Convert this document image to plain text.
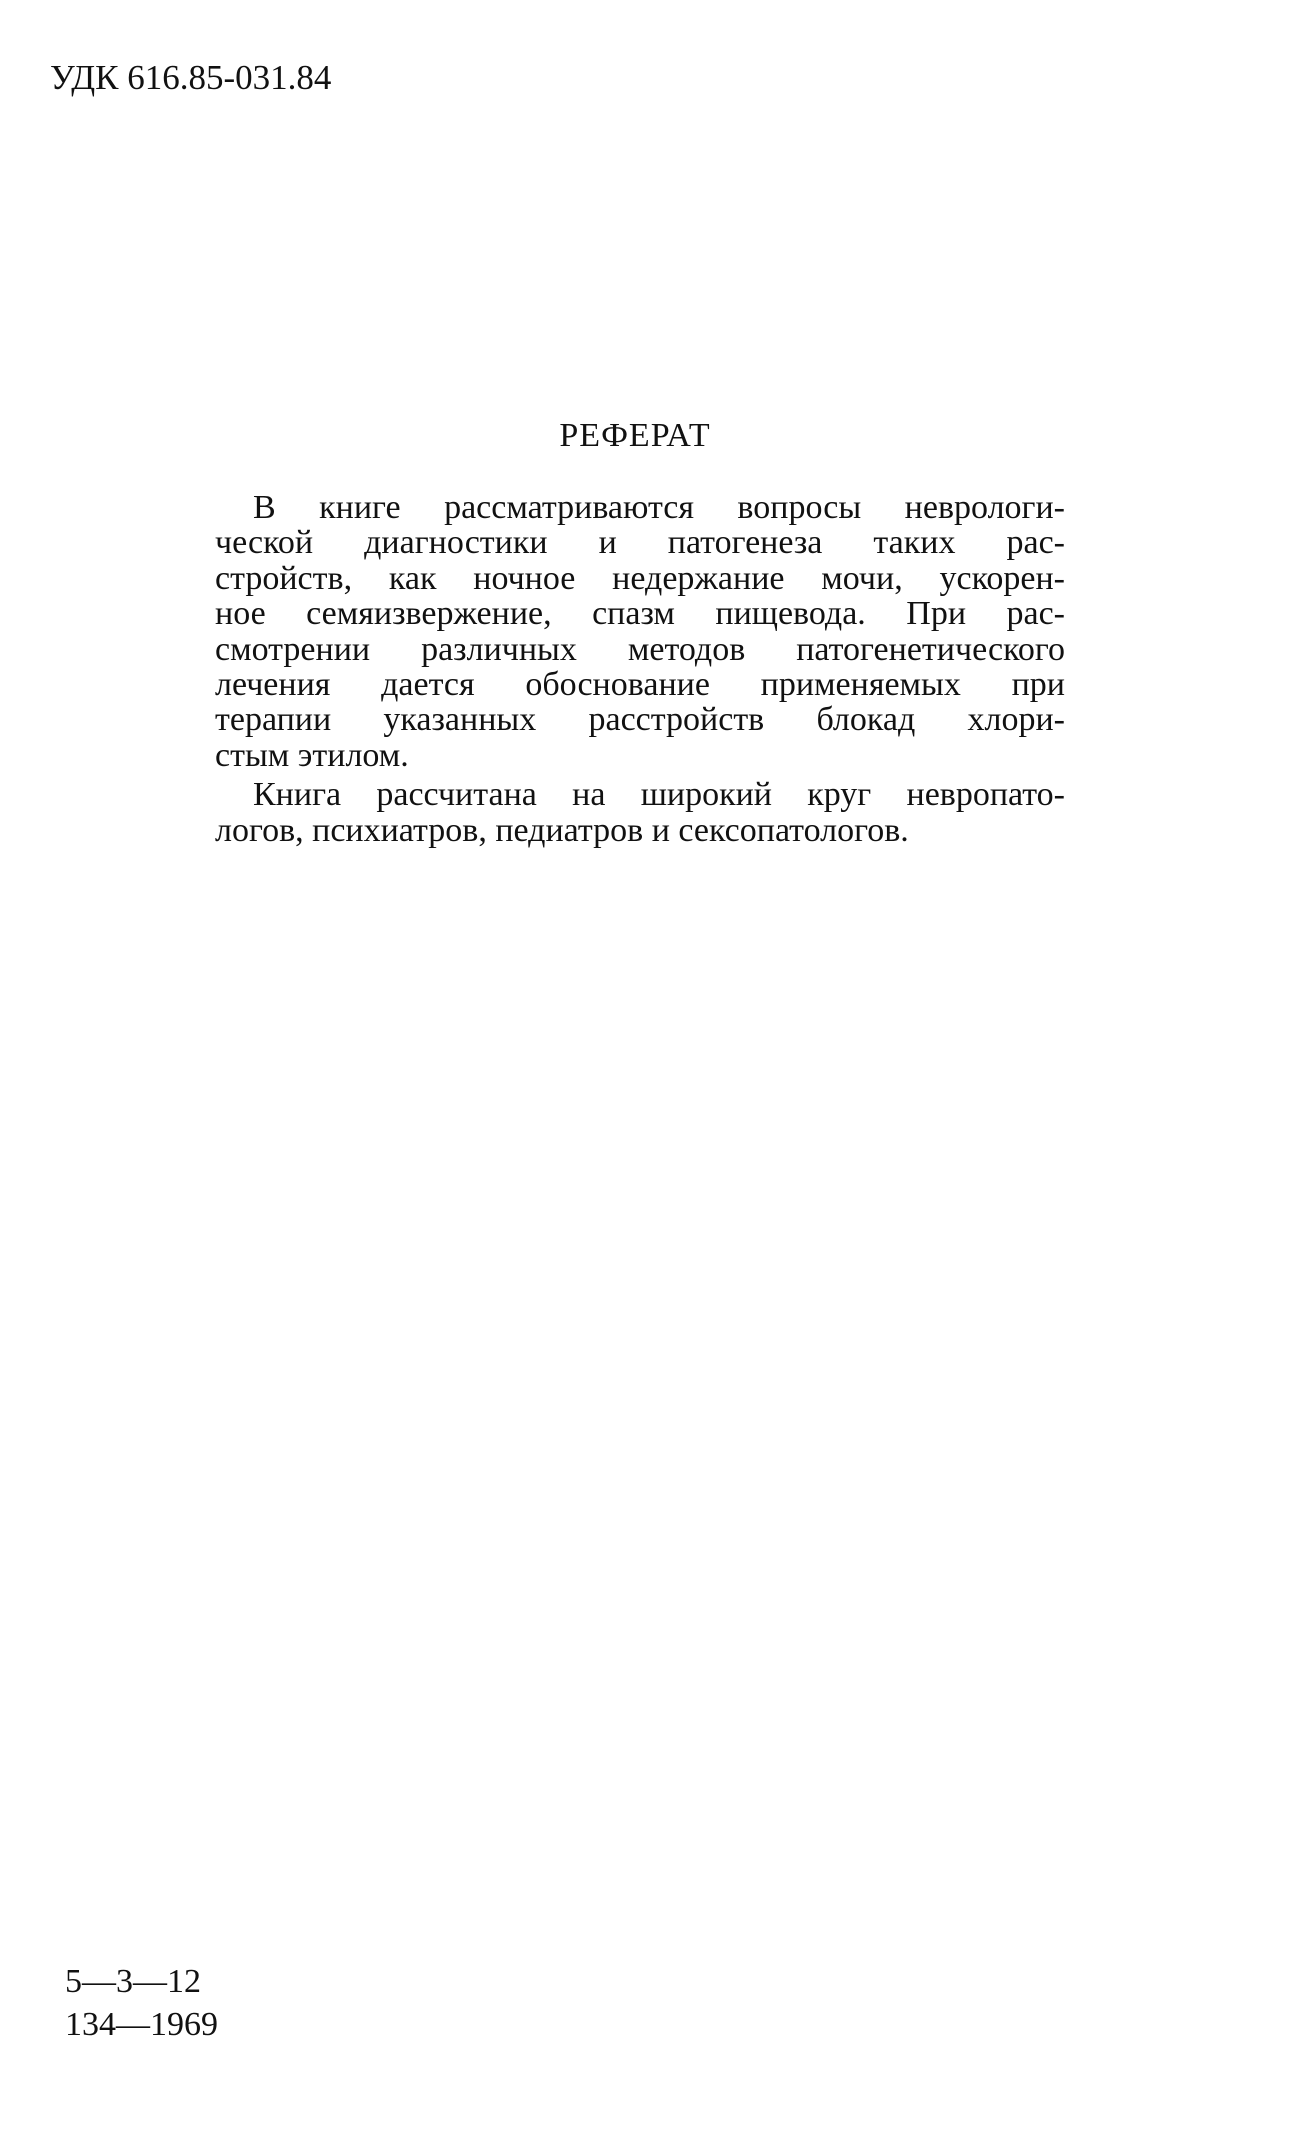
УДК 616.85-031.84
РЕФЕРАТ
В книге рассматриваются вопросы неврологи-
ческой диагностики и патогенеза таких рас-
стройств, как ночное недержание мочи, ускорен-
ное семяизвержение, спазм пищевода. При рас-
смотрении различных методов патогенетического
лечения дается обоснование применяемых при
терапии указанных расстройств блокад хлори-
стым этилом.
Книга рассчитана на широкий круг невропато-
логов, психиатров, педиатров и сексопатологов.
5—3—12
134—1969
